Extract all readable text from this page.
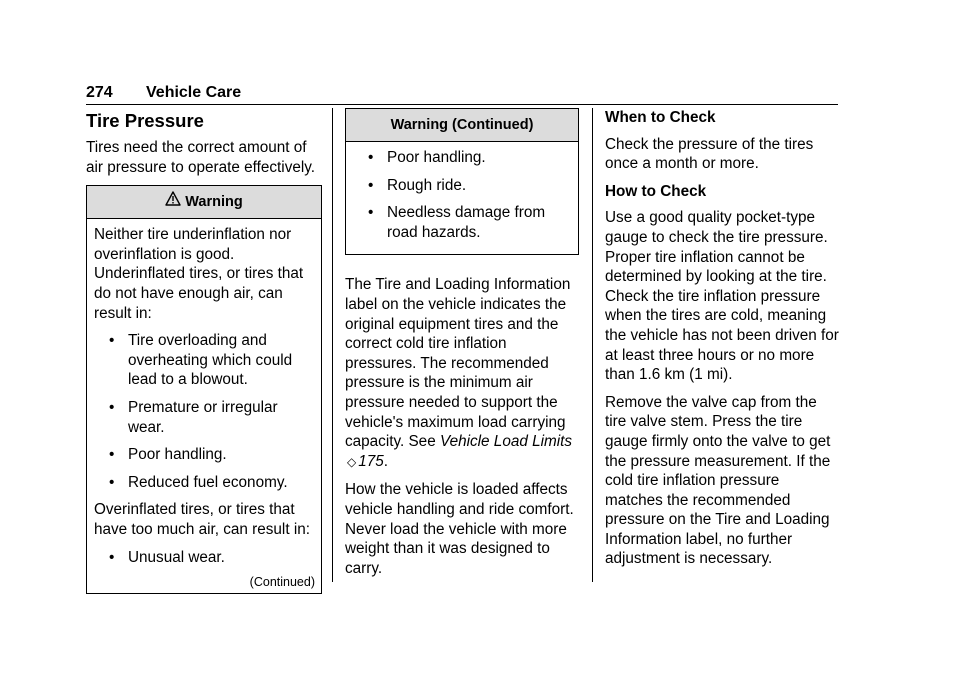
274 Vehicle Care
Tire Pressure

Tires need the correct amount of air pressure to operate effectively.

Warning

Neither tire underinflation nor overinflation is good. Underinflated tires, or tires that do not have enough air, can result in:

• Tire overloading and overheating which could lead to a blowout.
• Premature or irregular wear.
• Poor handling.
• Reduced fuel economy.

Overinflated tires, or tires that have too much air, can result in:

• Unusual wear.
(Continued)
Warning (Continued)
• Poor handling.
• Rough ride.
• Needless damage from road hazards.

The Tire and Loading Information label on the vehicle indicates the original equipment tires and the correct cold tire inflation pressures. The recommended pressure is the minimum air pressure needed to support the vehicle's maximum load carrying capacity. See Vehicle Load Limits ◇ 175.

How the vehicle is loaded affects vehicle handling and ride comfort. Never load the vehicle with more weight than it was designed to carry.

When to Check

Check the pressure of the tires once a month or more.

How to Check

Use a good quality pocket-type gauge to check the tire pressure. Proper tire inflation cannot be determined by looking at the tire. Check the tire inflation pressure when the tires are cold, meaning the vehicle has not been driven for at least three hours or no more than 1.6 km (1 mi).

Remove the valve cap from the tire valve stem. Press the tire gauge firmly onto the valve to get the pressure measurement. If the cold tire inflation pressure matches the recommended pressure on the Tire and Loading Information label, no further adjustment is necessary.
